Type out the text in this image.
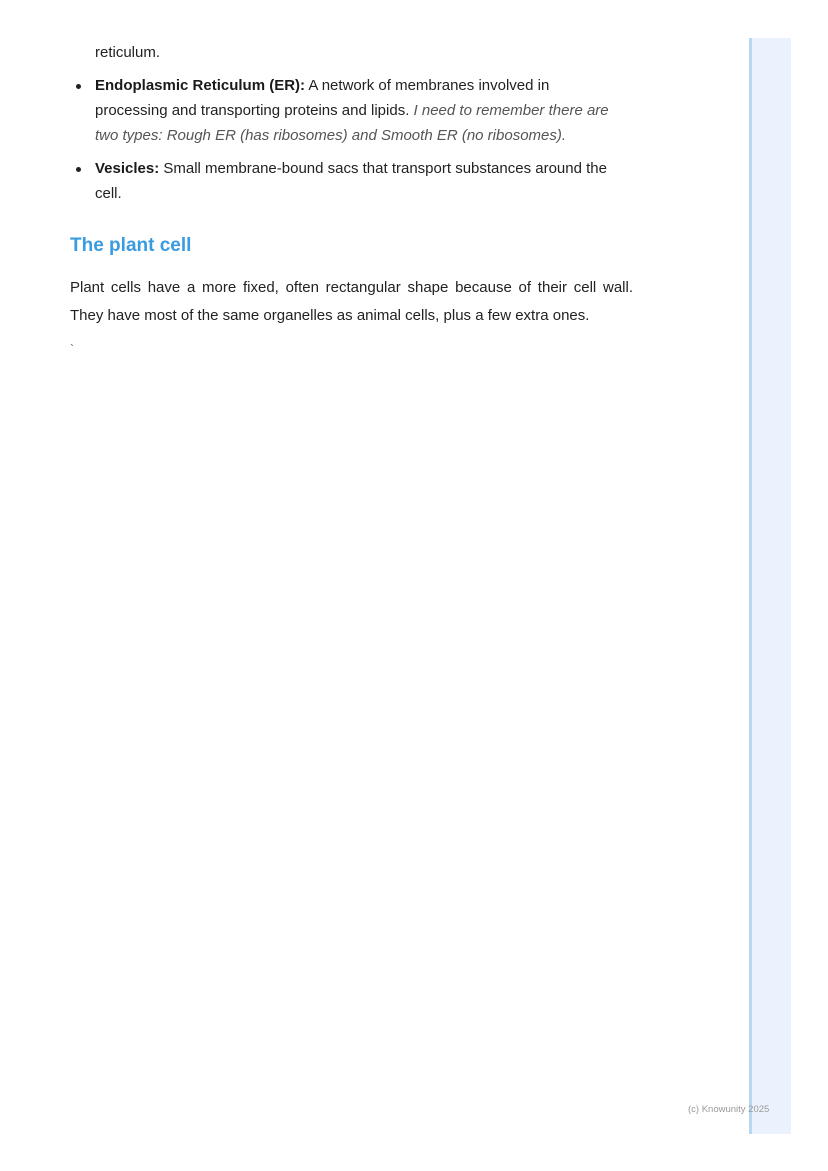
reticulum.

Endoplasmic Reticulum (ER): A network of membranes involved in processing and transporting proteins and lipids. I need to remember there are two types: Rough ER (has ribosomes) and Smooth ER (no ribosomes).
Vesicles: Small membrane-bound sacs that transport substances around the cell.
The plant cell

Plant cells have a more fixed, often rectangular shape because of their cell wall. They have most of the same organelles as animal cells, plus a few extra ones.

`
(c) Knowunity 2025
